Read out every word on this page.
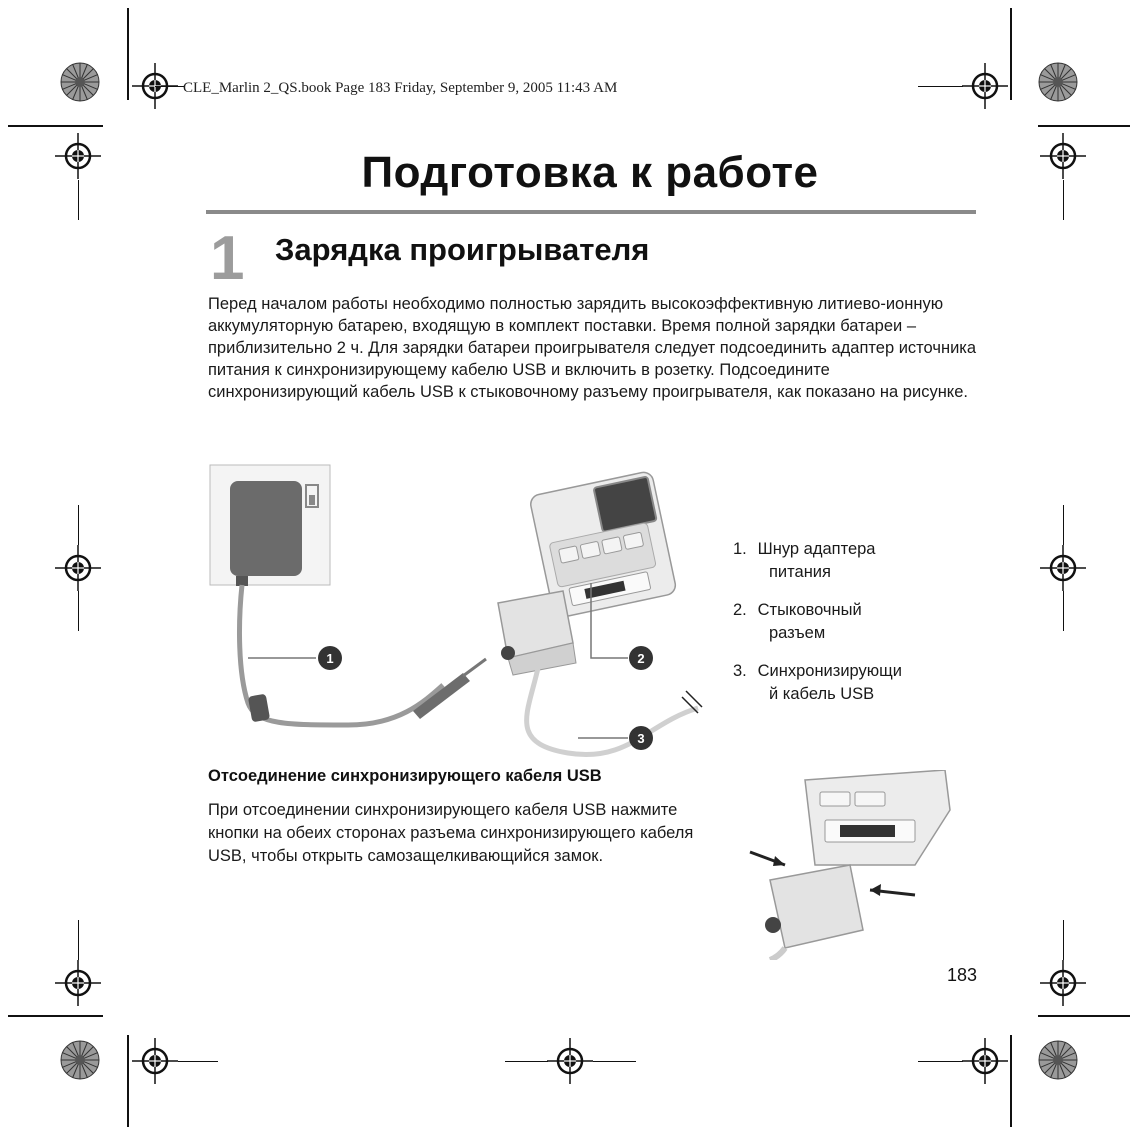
CLE_Marlin 2_QS.book Page 183 Friday, September 9, 2005 11:43 AM
Подготовка к работе
1 Зарядка проигрывателя
Перед началом работы необходимо полностью зарядить высокоэффективную литиево-ионную аккумуляторную батарею, входящую в комплект поставки. Время полной зарядки батареи – приблизительно 2 ч. Для зарядки батареи проигрывателя следует подсоединить адаптер источника питания к синхронизирующему кабелю USB и включить в розетку. Подсоедините синхронизирующий кабель USB к стыковочному разъему проигрывателя, как показано на рисунке.
1	2
3
1. Шнур адаптера
питания
2. Стыковочный
разъем
3. Синхронизирующи
й кабель USB
Отсоединение синхронизирующего кабеля USB
При отсоединении синхронизирующего кабеля USB нажмите кнопки на обеих сторонах разъема синхронизирующего кабеля USB, чтобы открыть самозащелкивающийся замок.
183
